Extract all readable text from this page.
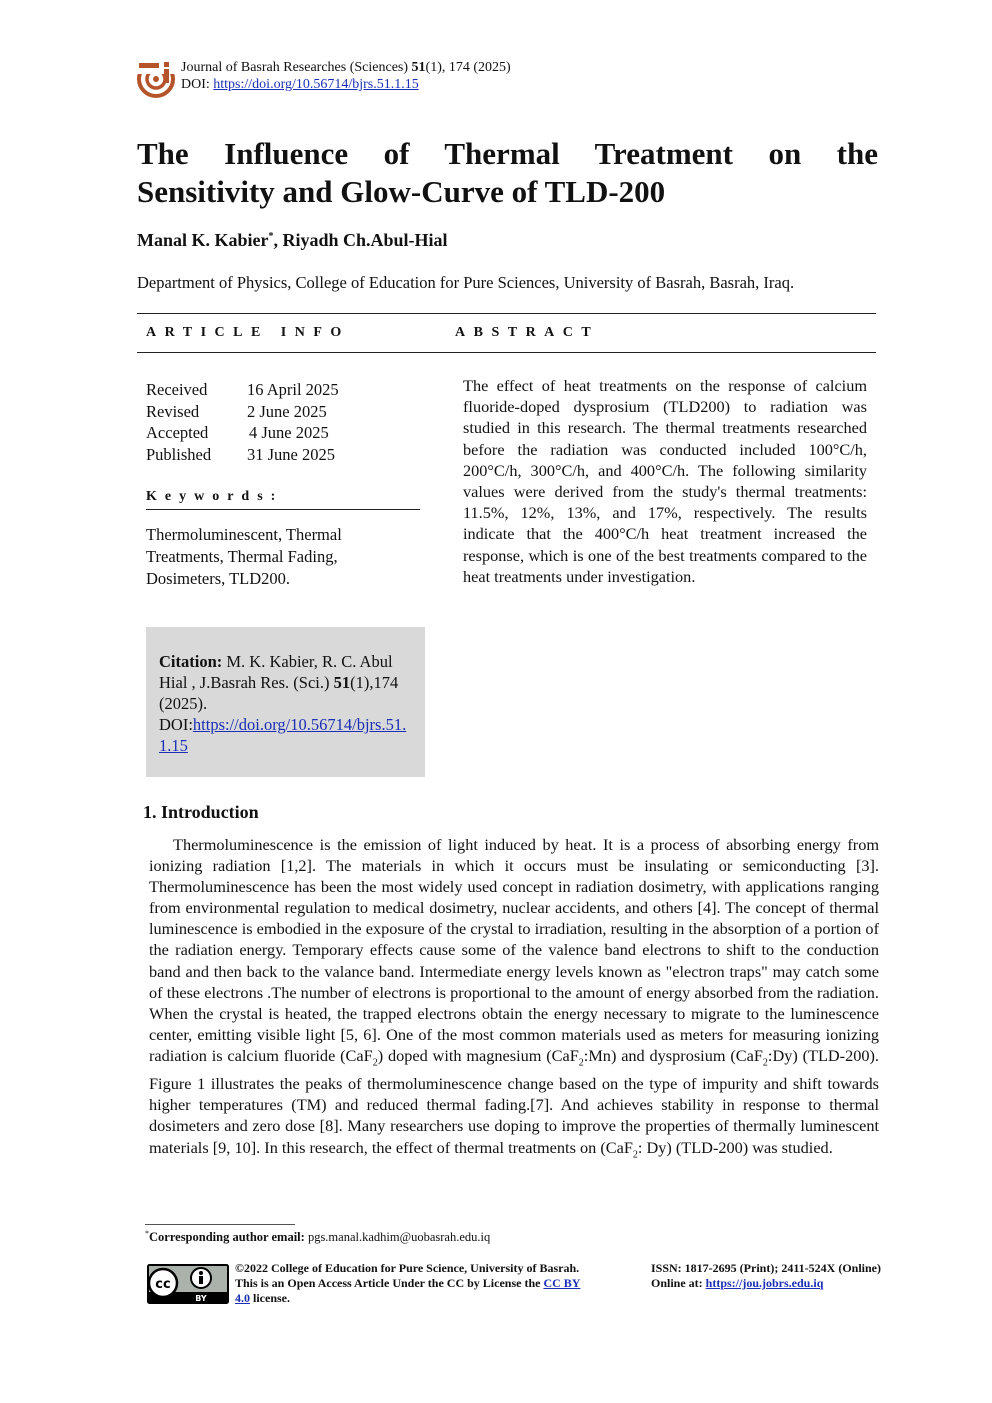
Journal of Basrah Researches (Sciences) 51(1), 174 (2025)
DOI: https://doi.org/10.56714/bjrs.51.1.15
The Influence of Thermal Treatment on the
Sensitivity and Glow-Curve of TLD-200
Manal K. Kabier*, Riyadh Ch.Abul-Hial
Department of Physics, College of Education for Pure Sciences, University of Basrah, Basrah, Iraq.
ARTICLE INFO	ABSTRACT
Received	16 April 2025
Revised	2 June 2025
Accepted	4 June 2025
Published	31 June 2025
Keywords:
Thermoluminescent, Thermal Treatments, Thermal Fading, Dosimeters, TLD200.
Citation: M. K. Kabier, R. C. Abul Hial , J.Basrah Res. (Sci.) 51(1),174 (2025).
DOI:https://doi.org/10.56714/bjrs.51.1.15
The effect of heat treatments on the response of calcium fluoride-doped dysprosium (TLD200) to radiation was studied in this research. The thermal treatments researched before the radiation was conducted included 100°C/h, 200°C/h, 300°C/h, and 400°C/h. The following similarity values were derived from the study's thermal treatments: 11.5%, 12%, 13%, and 17%, respectively. The results indicate that the 400°C/h heat treatment increased the response, which is one of the best treatments compared to the heat treatments under investigation.
1. Introduction
Thermoluminescence is the emission of light induced by heat. It is a process of absorbing energy from ionizing radiation [1,2]. The materials in which it occurs must be insulating or semiconducting [3]. Thermoluminescence has been the most widely used concept in radiation dosimetry, with applications ranging from environmental regulation to medical dosimetry, nuclear accidents, and others [4]. The concept of thermal luminescence is embodied in the exposure of the crystal to irradiation, resulting in the absorption of a portion of the radiation energy. Temporary effects cause some of the valence band electrons to shift to the conduction band and then back to the valance band. Intermediate energy levels known as "electron traps" may catch some of these electrons .The number of electrons is proportional to the amount of energy absorbed from the radiation. When the crystal is heated, the trapped electrons obtain the energy necessary to migrate to the luminescence center, emitting visible light [5, 6]. One of the most common materials used as meters for measuring ionizing radiation is calcium fluoride (CaF$_2$) doped with magnesium (CaF$_2$:Mn) and dysprosium (CaF$_2$:Dy) (TLD-200). Figure 1 illustrates the peaks of thermoluminescence change based on the type of impurity and shift towards higher temperatures (TM) and reduced thermal fading.[7]. And achieves stability in response to thermal dosimeters and zero dose [8]. Many researchers use doping to improve the properties of thermally luminescent materials [9, 10]. In this research, the effect of thermal treatments on (CaF$_2$: Dy) (TLD-200) was studied.
*Corresponding author email: pgs.manal.kadhim@uobasrah.edu.iq
cc
BY
©2022 College of Education for Pure Science, University of Basrah. This is an Open Access Article Under the CC by License the CC BY 4.0 license.
ISSN: 1817-2695 (Print); 2411-524X (Online)
Online at: https://jou.jobrs.edu.iq
